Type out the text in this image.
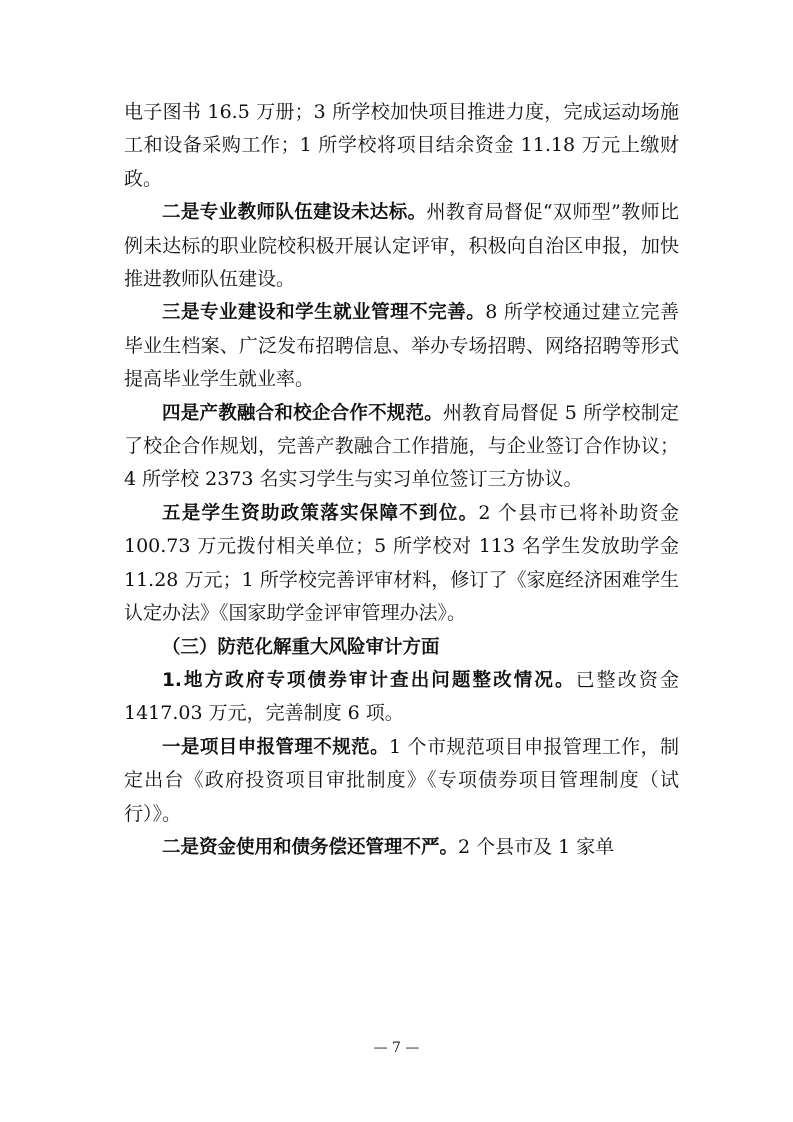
电子图书 16.5 万册；3 所学校加快项目推进力度，完成运动场施工和设备采购工作；1 所学校将项目结余资金 11.18 万元上缴财政。

二是专业教师队伍建设未达标。州教育局督促“双师型”教师比例未达标的职业院校积极开展认定评审，积极向自治区申报，加快推进教师队伍建设。

三是专业建设和学生就业管理不完善。8 所学校通过建立完善毕业生档案、广泛发布招聘信息、举办专场招聘、网络招聘等形式提高毕业学生就业率。

四是产教融合和校企合作不规范。州教育局督促 5 所学校制定了校企合作规划，完善产教融合工作措施，与企业签订合作协议；4 所学校 2373 名实习学生与实习单位签订三方协议。

五是学生资助政策落实保障不到位。2 个县市已将补助资金 100.73 万元拨付相关单位；5 所学校对 113 名学生发放助学金 11.28 万元；1 所学校完善评审材料，修订了《家庭经济困难学生认定办法》《国家助学金评审管理办法》。

（三）防范化解重大风险审计方面

1.地方政府专项债券审计查出问题整改情况。已整改资金 1417.03 万元，完善制度 6 项。

一是项目申报管理不规范。1 个市规范项目申报管理工作，制定出台《政府投资项目审批制度》《专项债券项目管理制度（试行）》。

二是资金使用和债务偿还管理不严。2 个县市及 1 家单

— 7 —
